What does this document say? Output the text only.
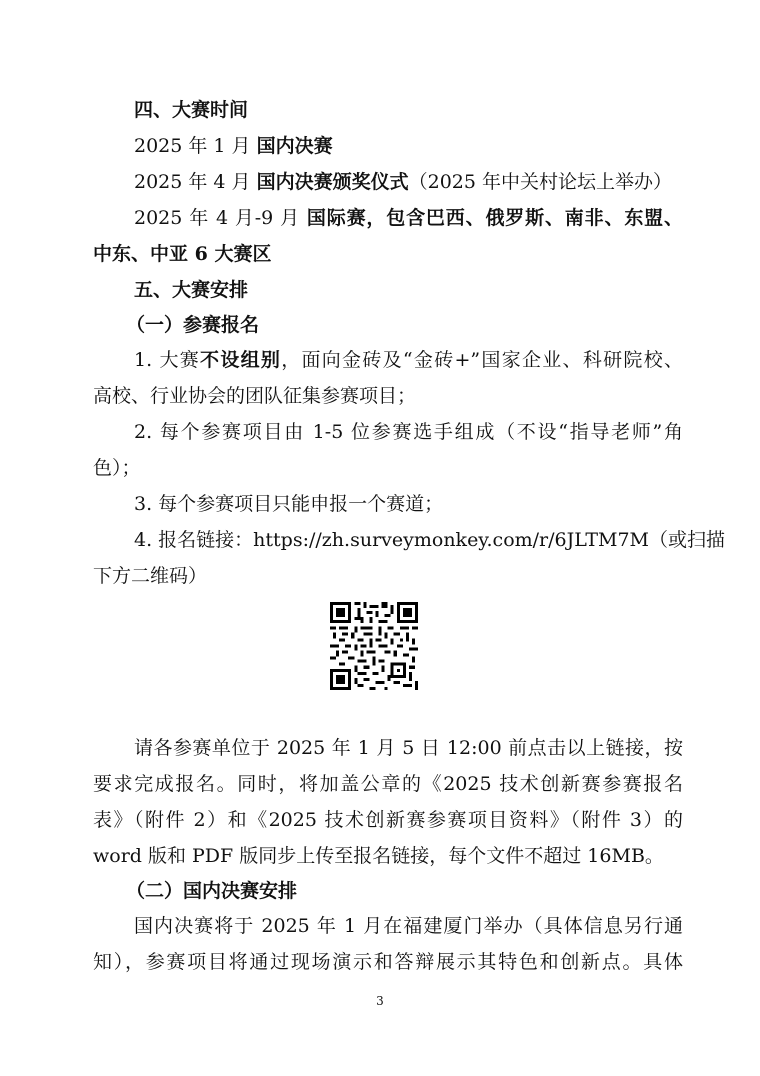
四、大赛时间
2025 年 1 月 国内决赛
2025 年 4 月 国内决赛颁奖仪式（2025 年中关村论坛上举办）
2025 年 4 月-9 月 国际赛，包含巴西、俄罗斯、南非、东盟、
中东、中亚 6 大赛区
五、大赛安排
（一）参赛报名
1. 大赛不设组别，面向金砖及“金砖+”国家企业、科研院校、
高校、行业协会的团队征集参赛项目；
2. 每个参赛项目由 1-5 位参赛选手组成（不设“指导老师”角
色）；
3. 每个参赛项目只能申报一个赛道；
4. 报名链接：https://zh.surveymonkey.com/r/6JLTM7M（或扫描
下方二维码）
请各参赛单位于 2025 年 1 月 5 日 12:00 前点击以上链接，按
要求完成报名。同时，将加盖公章的《2025 技术创新赛参赛报名
表》（附件 2）和《2025 技术创新赛参赛项目资料》（附件 3）的
word 版和 PDF 版同步上传至报名链接，每个文件不超过 16MB。
（二）国内决赛安排
国内决赛将于 2025 年 1 月在福建厦门举办（具体信息另行通
知），参赛项目将通过现场演示和答辩展示其特色和创新点。具体
3
